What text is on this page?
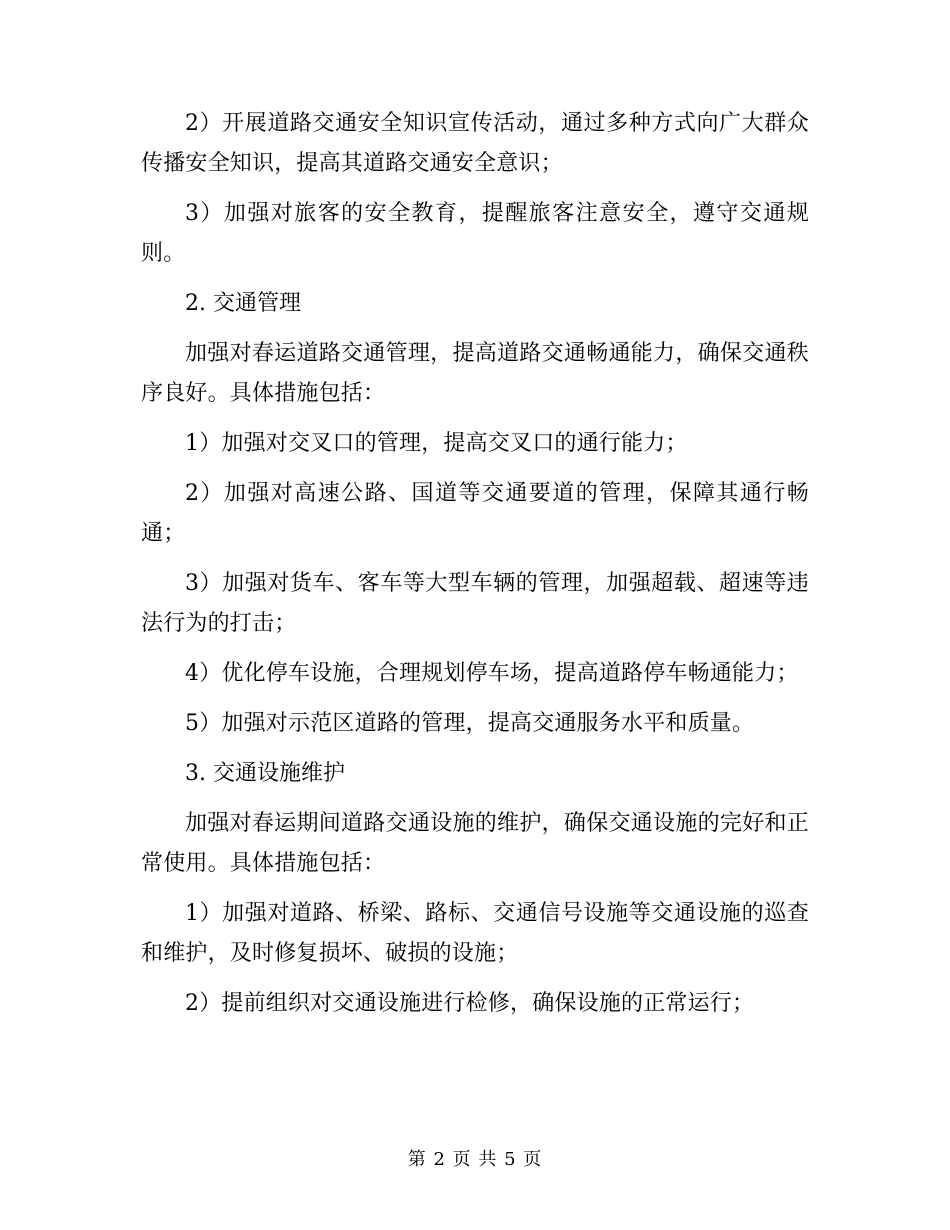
2）开展道路交通安全知识宣传活动，通过多种方式向广大群众传播安全知识，提高其道路交通安全意识；

3）加强对旅客的安全教育，提醒旅客注意安全，遵守交通规则。

2. 交通管理

加强对春运道路交通管理，提高道路交通畅通能力，确保交通秩序良好。具体措施包括：

1）加强对交叉口的管理，提高交叉口的通行能力；

2）加强对高速公路、国道等交通要道的管理，保障其通行畅通；

3）加强对货车、客车等大型车辆的管理，加强超载、超速等违法行为的打击；

4）优化停车设施，合理规划停车场，提高道路停车畅通能力；

5）加强对示范区道路的管理，提高交通服务水平和质量。

3. 交通设施维护

加强对春运期间道路交通设施的维护，确保交通设施的完好和正常使用。具体措施包括：

1）加强对道路、桥梁、路标、交通信号设施等交通设施的巡查和维护，及时修复损坏、破损的设施；

2）提前组织对交通设施进行检修，确保设施的正常运行；

第 2 页 共 5 页
